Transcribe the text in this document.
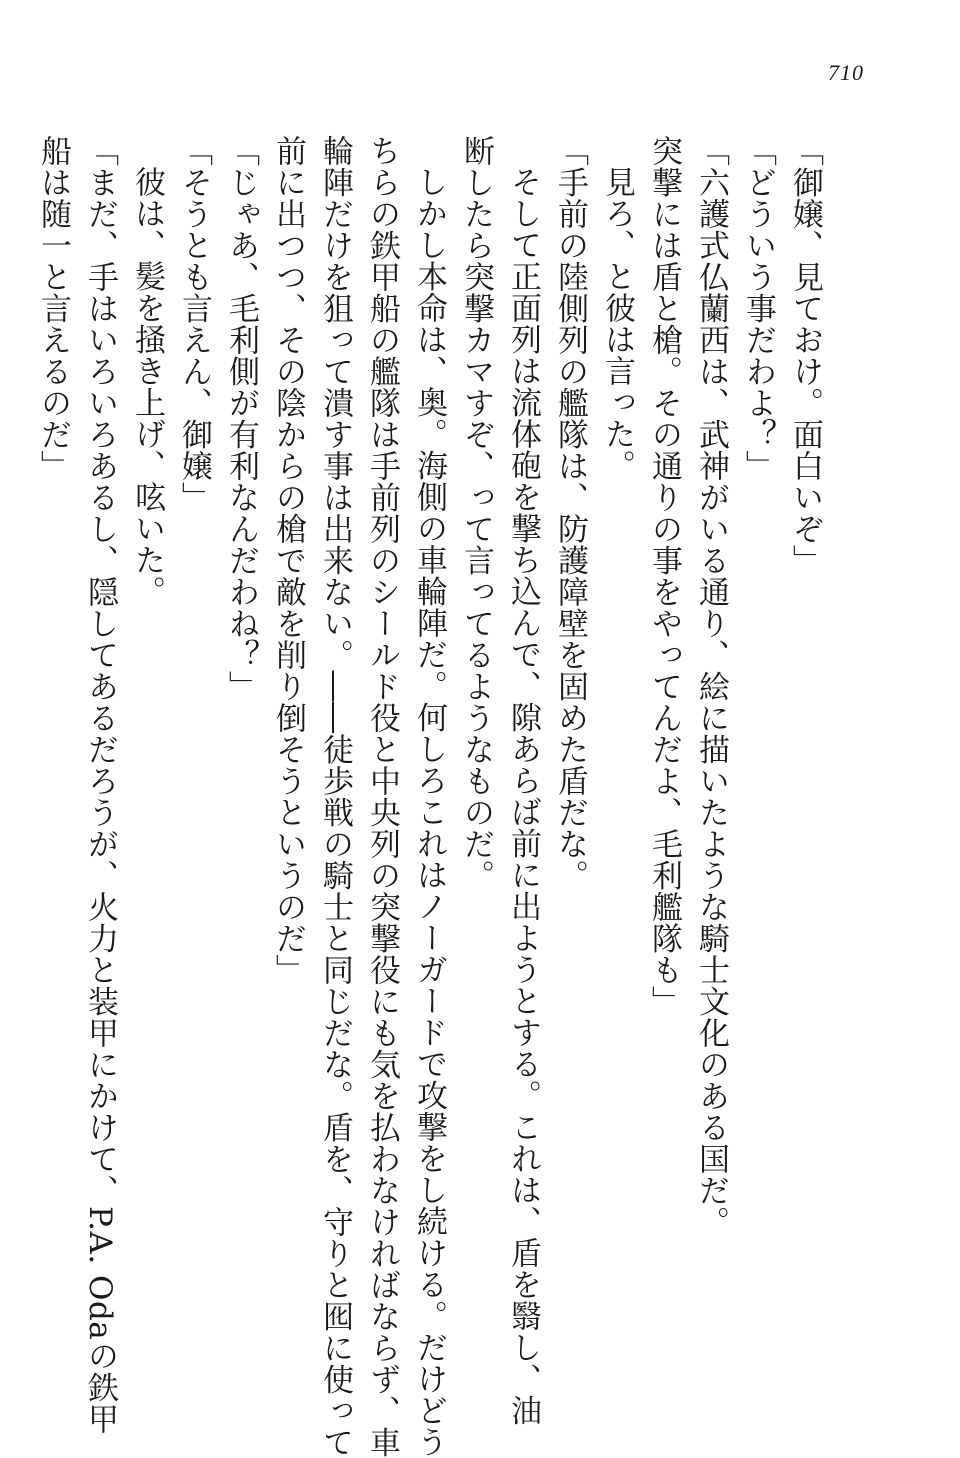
710
「御嬢、見ておけ。面白いぞ」
「どういう事だわよ？」
「六護式仏蘭西は、武神がいる通り、絵に描いたような騎士文化のある国だ。
突撃には盾と槍。その通りの事をやってんだよ、毛利艦隊も」
見ろ、と彼は言った。
「手前の陸側列の艦隊は、防護障壁を固めた盾だな。
そして正面列は流体砲を撃ち込んで、隙あらば前に出ようとする。これは、盾を翳し、油
断したら突撃カマすぞ、って言ってるようなものだ。
しかし本命は、奥。海側の車輪陣だ。何しろこれはノーガードで攻撃をし続ける。だけどう
ちらの鉄甲船の艦隊は手前列のシールド役と中央列の突撃役にも気を払わなければならず、車
輪陣だけを狙って潰す事は出来ない。――徒歩戦の騎士と同じだな。盾を、守りと囮に使って
前に出つつ、その陰からの槍で敵を削り倒そうというのだ」
「じゃあ、毛利側が有利なんだわね？」
「そうとも言えん、御嬢」
彼は、髪を掻き上げ、呟いた。
「まだ、手はいろいろあるし、隠してあるだろうが、火力と装甲にかけて、P.A. Odaの鉄甲
船は随一と言えるのだ」
